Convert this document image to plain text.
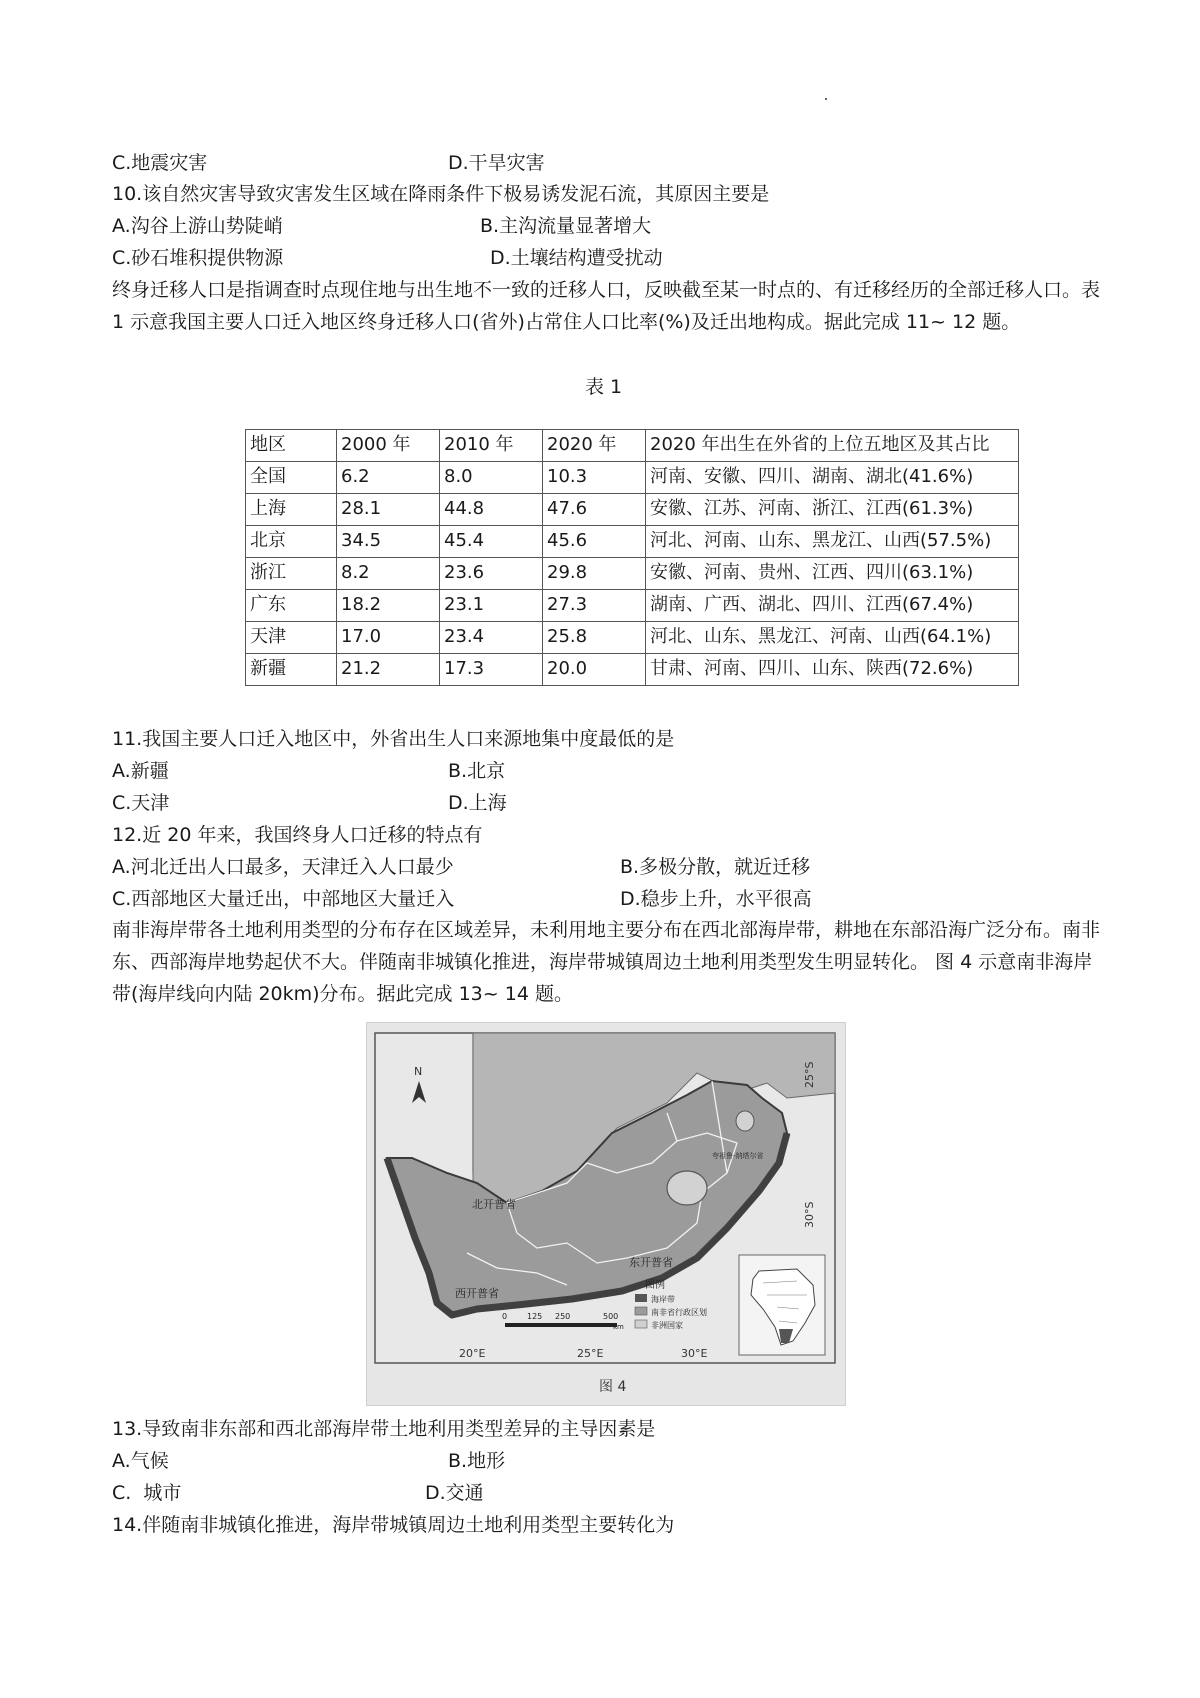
C.地震灾害	D.干旱灾害
10.该自然灾害导致灾害发生区域在降雨条件下极易诱发泥石流，其原因主要是
A.沟谷上游山势陡峭	B.主沟流量显著增大
C.砂石堆积提供物源	D.土壤结构遭受扰动
终身迁移人口是指调查时点现住地与出生地不一致的迁移人口，反映截至某一时点的、有迁移经历的全部迁移人口。表 1 示意我国主要人口迁入地区终身迁移人口(省外)占常住人口比率(%)及迁出地构成。据此完成 11~ 12 题。
表 1
地区	2000 年	2010 年	2020 年	2020 年出生在外省的上位五地区及其占比
全国	6.2	8.0	10.3	河南、安徽、四川、湖南、湖北(41.6%)
上海	28.1	44.8	47.6	安徽、江苏、河南、浙江、江西(61.3%)
北京	34.5	45.4	45.6	河北、河南、山东、黑龙江、山西(57.5%)
浙江	8.2	23.6	29.8	安徽、河南、贵州、江西、四川(63.1%)
广东	18.2	23.1	27.3	湖南、广西、湖北、四川、江西(67.4%)
天津	17.0	23.4	25.8	河北、山东、黑龙江、河南、山西(64.1%)
新疆	21.2	17.3	20.0	甘肃、河南、四川、山东、陕西(72.6%)
11.我国主要人口迁入地区中，外省出生人口来源地集中度最低的是
A.新疆	B.北京
C.天津	D.上海
12.近 20 年来，我国终身人口迁移的特点有
A.河北迁出人口最多，天津迁入人口最少	B.多极分散，就近迁移
C.西部地区大量迁出，中部地区大量迁入	D.稳步上升，水平很高
南非海岸带各土地利用类型的分布存在区域差异，未利用地主要分布在西北部海岸带，耕地在东部沿海广泛分布。南非东、西部海岸地势起伏不大。伴随南非城镇化推进，海岸带城镇周边土地利用类型发生明显转化。 图 4 示意南非海岸带(海岸线向内陆 20km)分布。据此完成 13~ 14 题。
N	25°S
30°S
20°E	25°E	30°E
北开普省
东开普省
西开普省
夸祖鲁-纳塔尔省
图例
海岸带
南非省行政区划
非洲国家
0 125 250	500
km
图 4
13.导致南非东部和西北部海岸带土地利用类型差异的主导因素是
A.气候	B.地形
C.  城市	D.交通
14.伴随南非城镇化推进，海岸带城镇周边土地利用类型主要转化为
